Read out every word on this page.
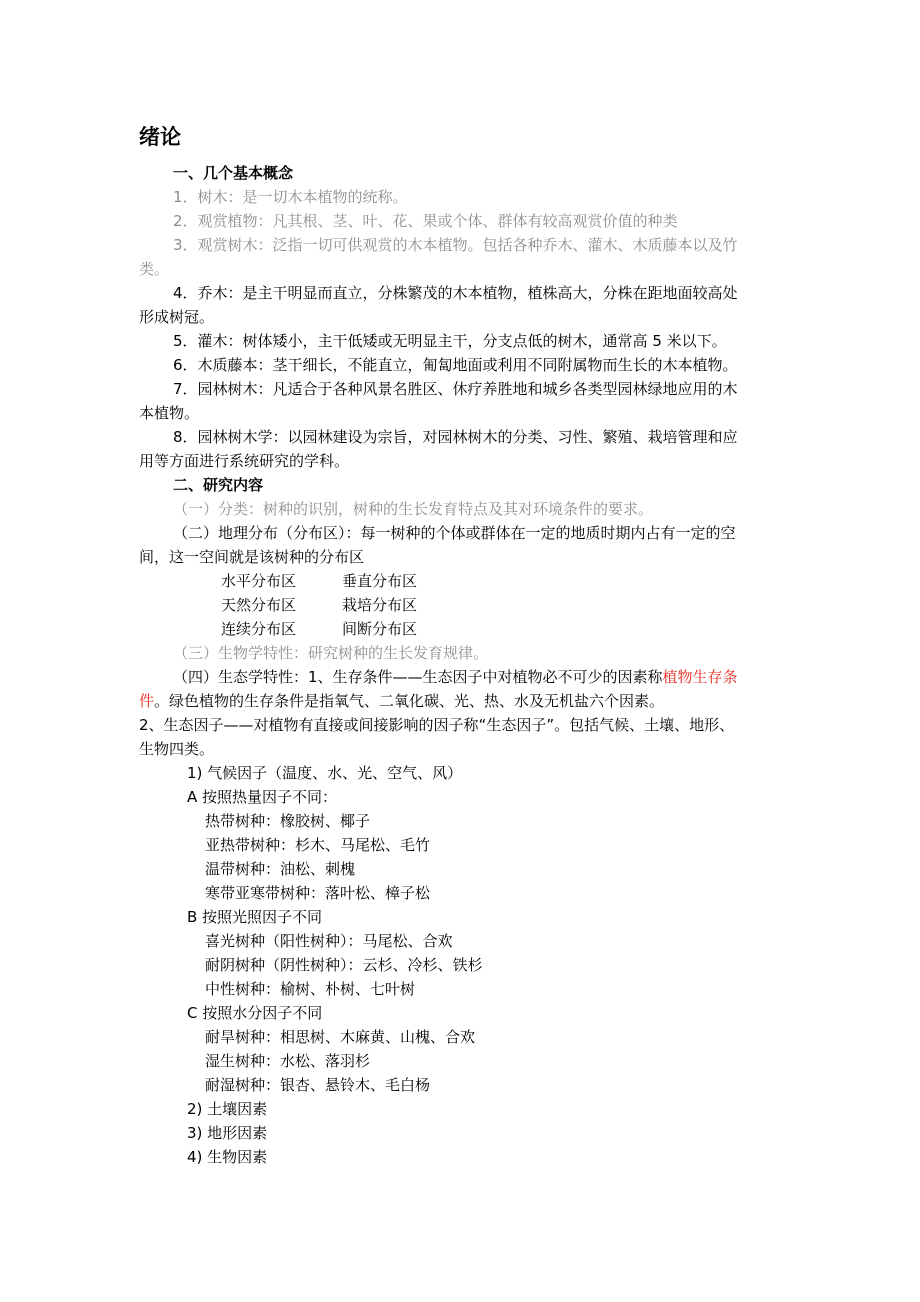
绪论
一、几个基本概念
1．树木：是一切木本植物的统称。
2．观赏植物：凡其根、茎、叶、花、果或个体、群体有较高观赏价值的种类
3．观赏树木：泛指一切可供观赏的木本植物。包括各种乔木、灌木、木质藤本以及竹
类。
4．乔木：是主干明显而直立，分株繁茂的木本植物，植株高大，分株在距地面较高处
形成树冠。
5．灌木：树体矮小，主干低矮或无明显主干，分支点低的树木，通常高 5 米以下。
6．木质藤本：茎干细长，不能直立，匍匐地面或利用不同附属物而生长的木本植物。
7．园林树木：凡适合于各种风景名胜区、休疗养胜地和城乡各类型园林绿地应用的木
本植物。
8．园林树木学：以园林建设为宗旨，对园林树木的分类、习性、繁殖、栽培管理和应
用等方面进行系统研究的学科。
二、研究内容
（一）分类：树种的识别，树种的生长发育特点及其对环境条件的要求。
（二）地理分布（分布区）：每一树种的个体或群体在一定的地质时期内占有一定的空
间，这一空间就是该树种的分布区
水平分布区	垂直分布区
天然分布区	栽培分布区
连续分布区	间断分布区
（三）生物学特性：研究树种的生长发育规律。
（四）生态学特性：1、生存条件——生态因子中对植物必不可少的因素称植物生存条
件。绿色植物的生存条件是指氧气、二氧化碳、光、热、水及无机盐六个因素。
2、生态因子——对植物有直接或间接影响的因子称“生态因子”。包括气候、土壤、地形、
生物四类。
1) 气候因子（温度、水、光、空气、风）
A 按照热量因子不同：
热带树种：橡胶树、椰子
亚热带树种：杉木、马尾松、毛竹
温带树种：油松、刺槐
寒带亚寒带树种：落叶松、樟子松
B 按照光照因子不同
喜光树种（阳性树种）：马尾松、合欢
耐阴树种（阴性树种）：云杉、冷杉、铁杉
中性树种：榆树、朴树、七叶树
C 按照水分因子不同
耐旱树种：相思树、木麻黄、山槐、合欢
湿生树种：水松、落羽杉
耐湿树种：银杏、悬铃木、毛白杨
2) 土壤因素
3) 地形因素
4) 生物因素
